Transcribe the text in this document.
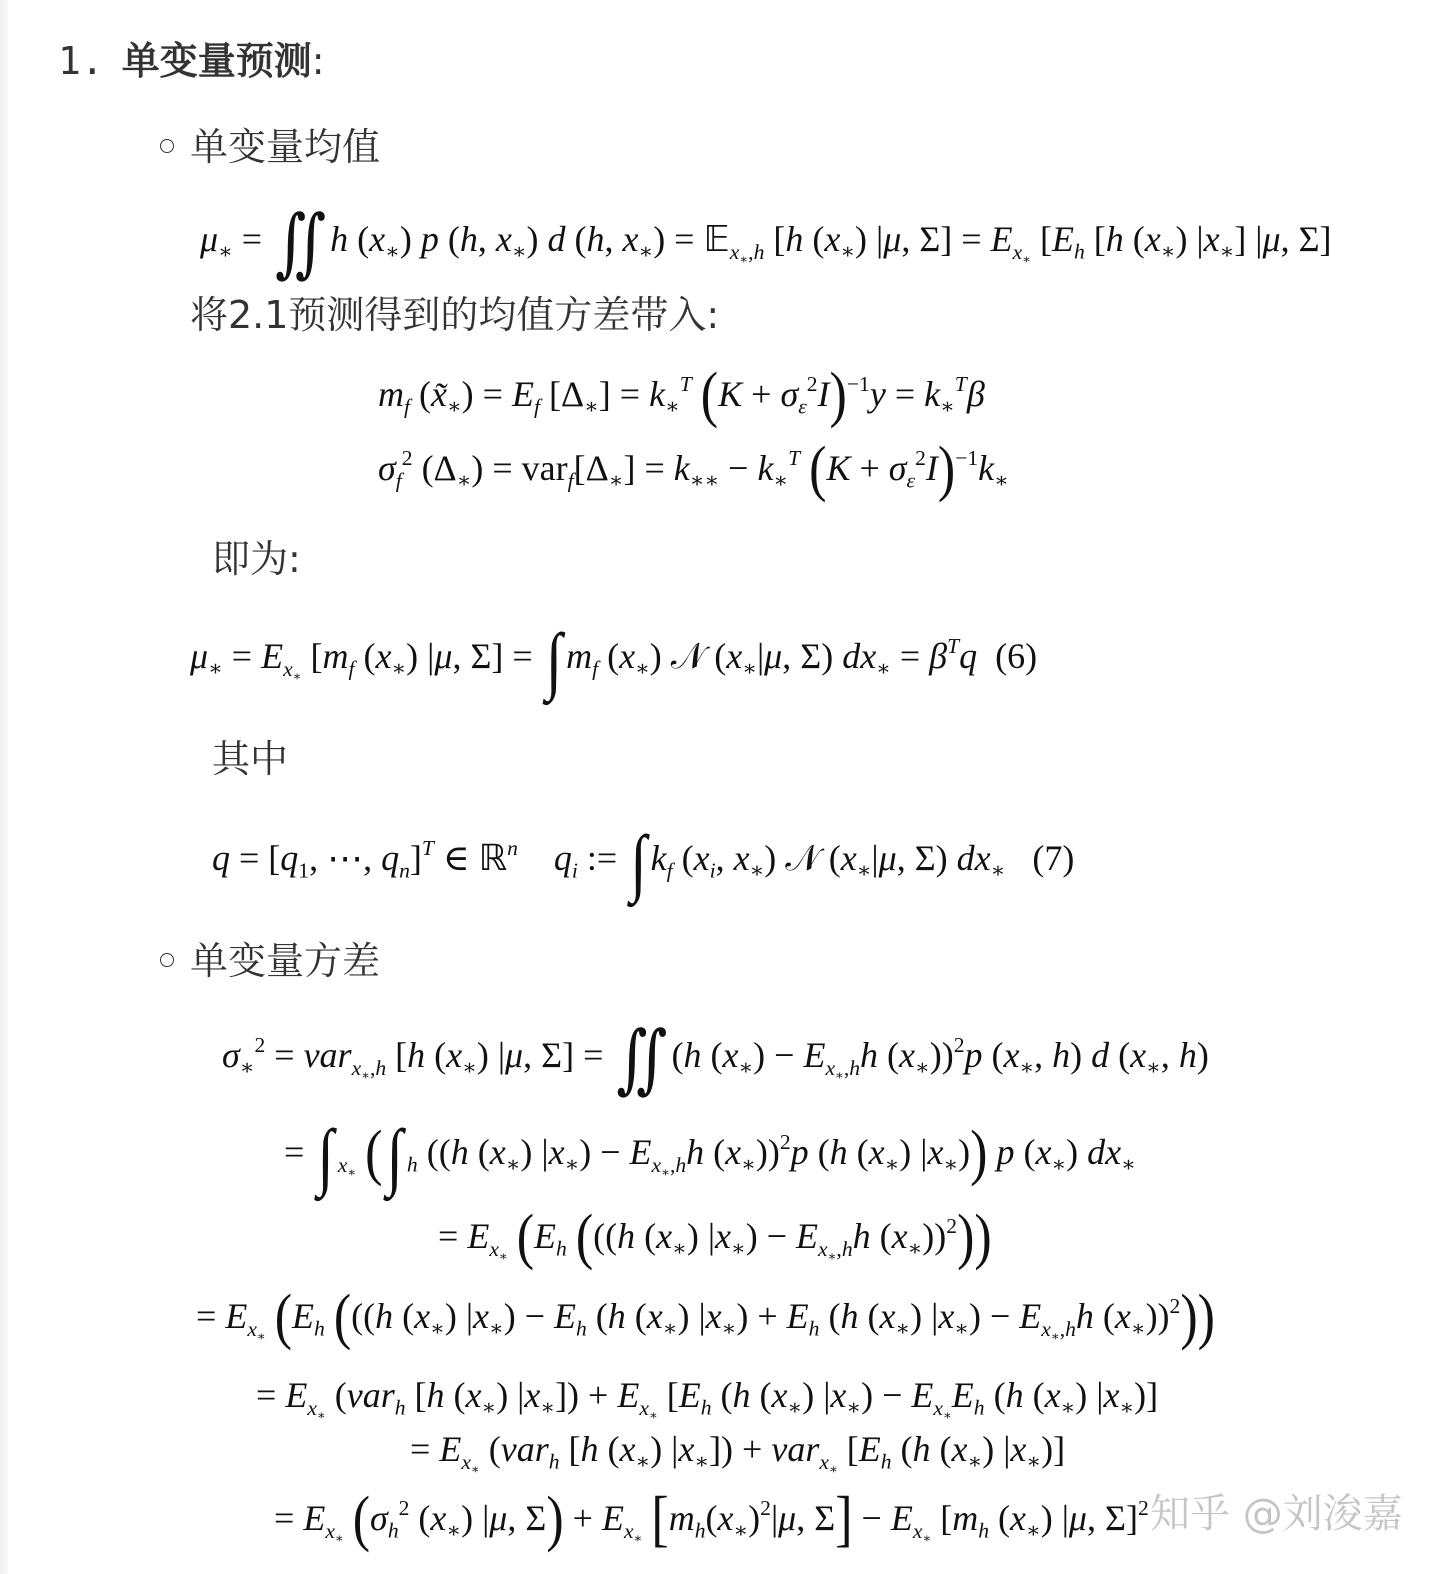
1. 单变量预测:
单变量均值
$\mu_∗$ = ∬ h $(x_∗)$ p (h, $x_∗$) d (h, $x_∗$) = 𝔼$_{x_∗,h}$ [h $(x_∗)$ |μ, $\Sigma] = E_{x_∗}$ [$E_h$ [h $(x_∗)$ $|x_∗$] |μ, Σ]
将2.1预测得到的均值方差带入:
$m_f$ $(x̃_∗) = E_f$ $[\Delta_∗] = k_∗^T$ $(K + \sigma_\varepsilon^2I)^{-1}y = k_∗^T\beta$
$\sigma_f^2$ $(\Delta_∗) = var_f[\Delta_∗] = k_{∗∗} - k_∗^T$ $(K + \sigma_\varepsilon^2I)^{-1}k_∗$
即为:
$\mu_∗ = E_{x_∗}$ [$m_f$ $(x_∗)$ |μ, Σ] = ∫ $m_f$ $(x_∗)$ 𝒩 ($x_∗|\mu$, Σ) $dx_∗ = \beta^Tq$ (6)
其中
$q = [q_1$, ⋯, $q_n]^T$ ∈ ℝ$^n$ $q_i$ := ∫ $k_f$ ($x_i$, $x_∗$) 𝒩 ($x_∗|\mu$, Σ) $dx_∗$ (7)
单变量方差
$\sigma_∗^2 = var_{x_∗,h}$ [h $(x_∗)$ |μ, Σ] = ∬ (h $(x_∗) - E_{x_∗,h}h$ $(x_∗))^2p$ ($x_∗$, h) d ($x_∗$, h)
= ∫ $_{x_∗}$ (∫ $_h$ ((h $(x_∗) |x_∗) - E_{x_∗,h}h$ $(x_∗))^2p$ (h $(x_∗)$ $|x_∗$)) p $(x_∗)$ $dx_∗$
= $E_{x_∗}$ ($E_h$ (((h $(x_∗) |x_∗) - E_{x_∗,h}h$ $(x_∗))^2$))
= $E_{x_∗}$ ($E_h$ (((h $(x_∗) |x_∗) - E_h$ (h $(x_∗) |x_∗) + E_h$ (h $(x_∗) |x_∗) - E_{x_∗,h}h$ $(x_∗))^2$))
= $E_{x_∗}$ (var$_h$ [h $(x_∗) |x_∗]) + E_{x_∗}$ [$E_h$ (h $(x_∗) |x_∗) - E_{x_∗}E_h$ (h $(x_∗)$ $|x_∗$)]
= $E_{x_∗}$ (var$_h$ [h $(x_∗) |x_∗]) + var_{x_∗}$ [$E_h$ (h $(x_∗)$ $|x_∗$)]
= $E_{x_∗}$ ($\sigma_h^2$ $(x_∗)$ |μ, $\Sigma) + E_{x_∗}$ [$m_h(x_∗)^2|\mu$, $\Sigma] - E_{x_∗}$ [$m_h$ $(x_∗)$ |μ, Σ]$^2$ 知乎 @刘浚嘉
